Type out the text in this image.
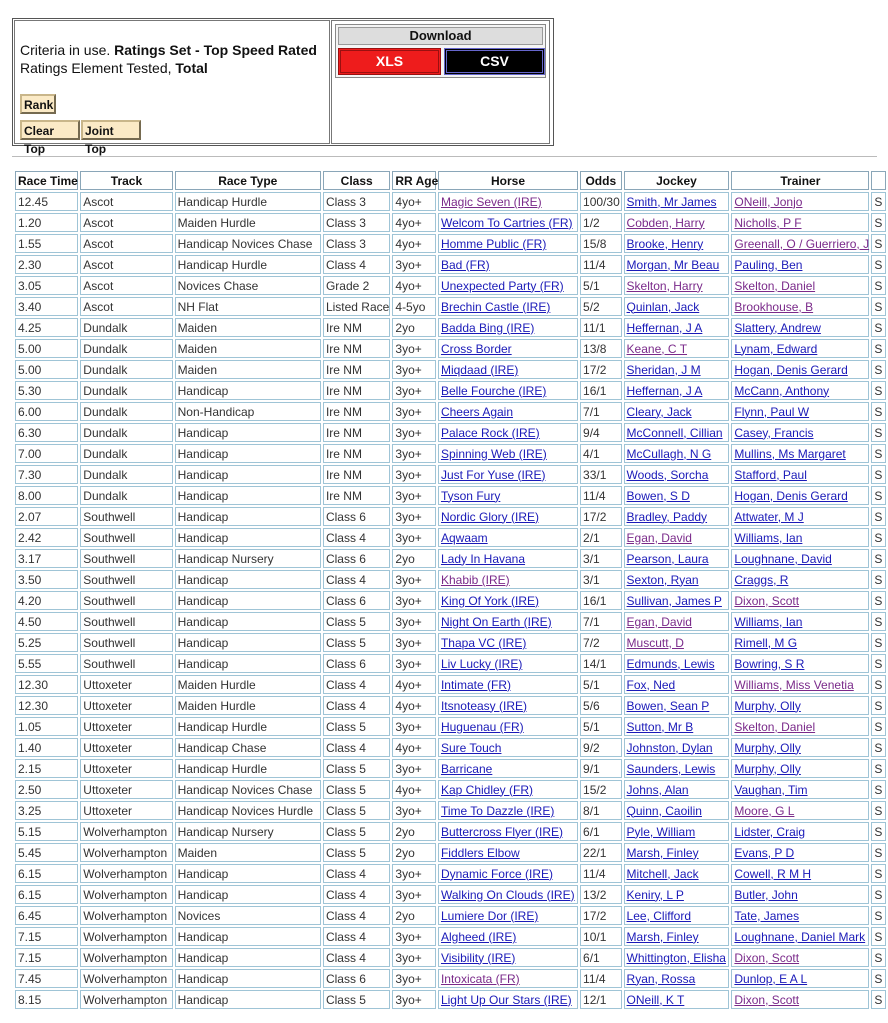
Criteria in use. Ratings Set - Top Speed Rated
Ratings Element Tested, Total
Rank
Clear Top
Joint Top
Download
XLS	CSV
Race Time	Track	Race Type	Class	RR Age	Horse	Odds	Jockey	Trainer	
12.45	Ascot	Handicap Hurdle	Class 3	4yo+	Magic Seven (IRE)	100/30	Smith, Mr James	ONeill, Jonjo	S
1.20	Ascot	Maiden Hurdle	Class 3	4yo+	Welcom To Cartries (FR)	1/2	Cobden, Harry	Nicholls, P F	S
1.55	Ascot	Handicap Novices Chase	Class 3	4yo+	Homme Public (FR)	15/8	Brooke, Henry	Greenall, O / Guerriero, J	S
2.30	Ascot	Handicap Hurdle	Class 4	3yo+	Bad (FR)	11/4	Morgan, Mr Beau	Pauling, Ben	S
3.05	Ascot	Novices Chase	Grade 2	4yo+	Unexpected Party (FR)	5/1	Skelton, Harry	Skelton, Daniel	S
3.40	Ascot	NH Flat	Listed Race	4-5yo	Brechin Castle (IRE)	5/2	Quinlan, Jack	Brookhouse, B	S
4.25	Dundalk	Maiden	Ire NM	2yo	Badda Bing (IRE)	11/1	Heffernan, J A	Slattery, Andrew	S
5.00	Dundalk	Maiden	Ire NM	3yo+	Cross Border	13/8	Keane, C T	Lynam, Edward	S
5.00	Dundalk	Maiden	Ire NM	3yo+	Miqdaad (IRE)	17/2	Sheridan, J M	Hogan, Denis Gerard	S
5.30	Dundalk	Handicap	Ire NM	3yo+	Belle Fourche (IRE)	16/1	Heffernan, J A	McCann, Anthony	S
6.00	Dundalk	Non-Handicap	Ire NM	3yo+	Cheers Again	7/1	Cleary, Jack	Flynn, Paul W	S
6.30	Dundalk	Handicap	Ire NM	3yo+	Palace Rock (IRE)	9/4	McConnell, Cillian	Casey, Francis	S
7.00	Dundalk	Handicap	Ire NM	3yo+	Spinning Web (IRE)	4/1	McCullagh, N G	Mullins, Ms Margaret	S
7.30	Dundalk	Handicap	Ire NM	3yo+	Just For Yuse (IRE)	33/1	Woods, Sorcha	Stafford, Paul	S
8.00	Dundalk	Handicap	Ire NM	3yo+	Tyson Fury	11/4	Bowen, S D	Hogan, Denis Gerard	S
2.07	Southwell	Handicap	Class 6	3yo+	Nordic Glory (IRE)	17/2	Bradley, Paddy	Attwater, M J	S
2.42	Southwell	Handicap	Class 4	3yo+	Aqwaam	2/1	Egan, David	Williams, Ian	S
3.17	Southwell	Handicap Nursery	Class 6	2yo	Lady In Havana	3/1	Pearson, Laura	Loughnane, David	S
3.50	Southwell	Handicap	Class 4	3yo+	Khabib (IRE)	3/1	Sexton, Ryan	Craggs, R	S
4.20	Southwell	Handicap	Class 6	3yo+	King Of York (IRE)	16/1	Sullivan, James P	Dixon, Scott	S
4.50	Southwell	Handicap	Class 5	3yo+	Night On Earth (IRE)	7/1	Egan, David	Williams, Ian	S
5.25	Southwell	Handicap	Class 5	3yo+	Thapa VC (IRE)	7/2	Muscutt, D	Rimell, M G	S
5.55	Southwell	Handicap	Class 6	3yo+	Liv Lucky (IRE)	14/1	Edmunds, Lewis	Bowring, S R	S
12.30	Uttoxeter	Maiden Hurdle	Class 4	4yo+	Intimate (FR)	5/1	Fox, Ned	Williams, Miss Venetia	S
12.30	Uttoxeter	Maiden Hurdle	Class 4	4yo+	Itsnoteasy (IRE)	5/6	Bowen, Sean P	Murphy, Olly	S
1.05	Uttoxeter	Handicap Hurdle	Class 5	3yo+	Huguenau (FR)	5/1	Sutton, Mr B	Skelton, Daniel	S
1.40	Uttoxeter	Handicap Chase	Class 4	4yo+	Sure Touch	9/2	Johnston, Dylan	Murphy, Olly	S
2.15	Uttoxeter	Handicap Hurdle	Class 5	3yo+	Barricane	9/1	Saunders, Lewis	Murphy, Olly	S
2.50	Uttoxeter	Handicap Novices Chase	Class 5	4yo+	Kap Chidley (FR)	15/2	Johns, Alan	Vaughan, Tim	S
3.25	Uttoxeter	Handicap Novices Hurdle	Class 5	3yo+	Time To Dazzle (IRE)	8/1	Quinn, Caoilin	Moore, G L	S
5.15	Wolverhampton	Handicap Nursery	Class 5	2yo	Buttercross Flyer (IRE)	6/1	Pyle, William	Lidster, Craig	S
5.45	Wolverhampton	Maiden	Class 5	2yo	Fiddlers Elbow	22/1	Marsh, Finley	Evans, P D	S
6.15	Wolverhampton	Handicap	Class 4	3yo+	Dynamic Force (IRE)	11/4	Mitchell, Jack	Cowell, R M H	S
6.15	Wolverhampton	Handicap	Class 4	3yo+	Walking On Clouds (IRE)	13/2	Keniry, L P	Butler, John	S
6.45	Wolverhampton	Novices	Class 4	2yo	Lumiere Dor (IRE)	17/2	Lee, Clifford	Tate, James	S
7.15	Wolverhampton	Handicap	Class 4	3yo+	Algheed (IRE)	10/1	Marsh, Finley	Loughnane, Daniel Mark	S
7.15	Wolverhampton	Handicap	Class 4	3yo+	Visibility (IRE)	6/1	Whittington, Elisha	Dixon, Scott	S
7.45	Wolverhampton	Handicap	Class 6	3yo+	Intoxicata (FR)	11/4	Ryan, Rossa	Dunlop, E A L	S
8.15	Wolverhampton	Handicap	Class 5	3yo+	Light Up Our Stars (IRE)	12/1	ONeill, K T	Dixon, Scott	S
